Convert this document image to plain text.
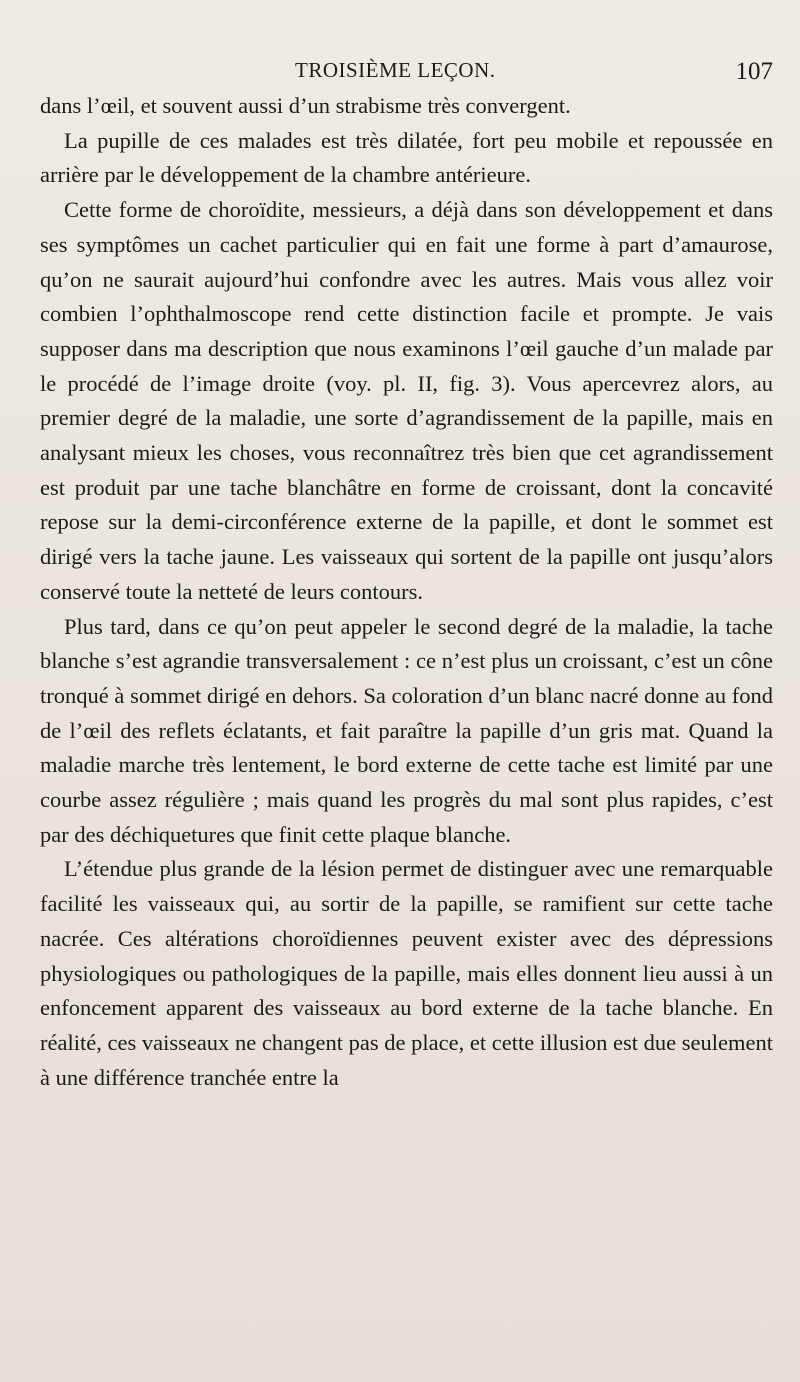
TROISIÈME LEÇON.	107

dans l’œil, et souvent aussi d’un strabisme très convergent.

La pupille de ces malades est très dilatée, fort peu mobile et repoussée en arrière par le développement de la chambre antérieure.

Cette forme de choroïdite, messieurs, a déjà dans son développement et dans ses symptômes un cachet particulier qui en fait une forme à part d’amaurose, qu’on ne saurait aujourd’hui confondre avec les autres. Mais vous allez voir combien l’ophthalmoscope rend cette distinction facile et prompte. Je vais supposer dans ma description que nous examinons l’œil gauche d’un malade par le procédé de l’image droite (voy. pl. II, fig. 3). Vous apercevrez alors, au premier degré de la maladie, une sorte d’agrandissement de la papille, mais en analysant mieux les choses, vous reconnaîtrez très bien que cet agrandissement est produit par une tache blanchâtre en forme de croissant, dont la concavité repose sur la demi-circonférence externe de la papille, et dont le sommet est dirigé vers la tache jaune. Les vaisseaux qui sortent de la papille ont jusqu’alors conservé toute la netteté de leurs contours.

Plus tard, dans ce qu’on peut appeler le second degré de la maladie, la tache blanche s’est agrandie transversalement : ce n’est plus un croissant, c’est un cône tronqué à sommet dirigé en dehors. Sa coloration d’un blanc nacré donne au fond de l’œil des reflets éclatants, et fait paraître la papille d’un gris mat. Quand la maladie marche très lentement, le bord externe de cette tache est limité par une courbe assez régulière ; mais quand les progrès du mal sont plus rapides, c’est par des déchiquetures que finit cette plaque blanche.

L’étendue plus grande de la lésion permet de distinguer avec une remarquable facilité les vaisseaux qui, au sortir de la papille, se ramifient sur cette tache nacrée. Ces altérations choroïdiennes peuvent exister avec des dépressions physiologiques ou pathologiques de la papille, mais elles donnent lieu aussi à un enfoncement apparent des vaisseaux au bord externe de la tache blanche. En réalité, ces vaisseaux ne changent pas de place, et cette illusion est due seulement à une différence tranchée entre la
